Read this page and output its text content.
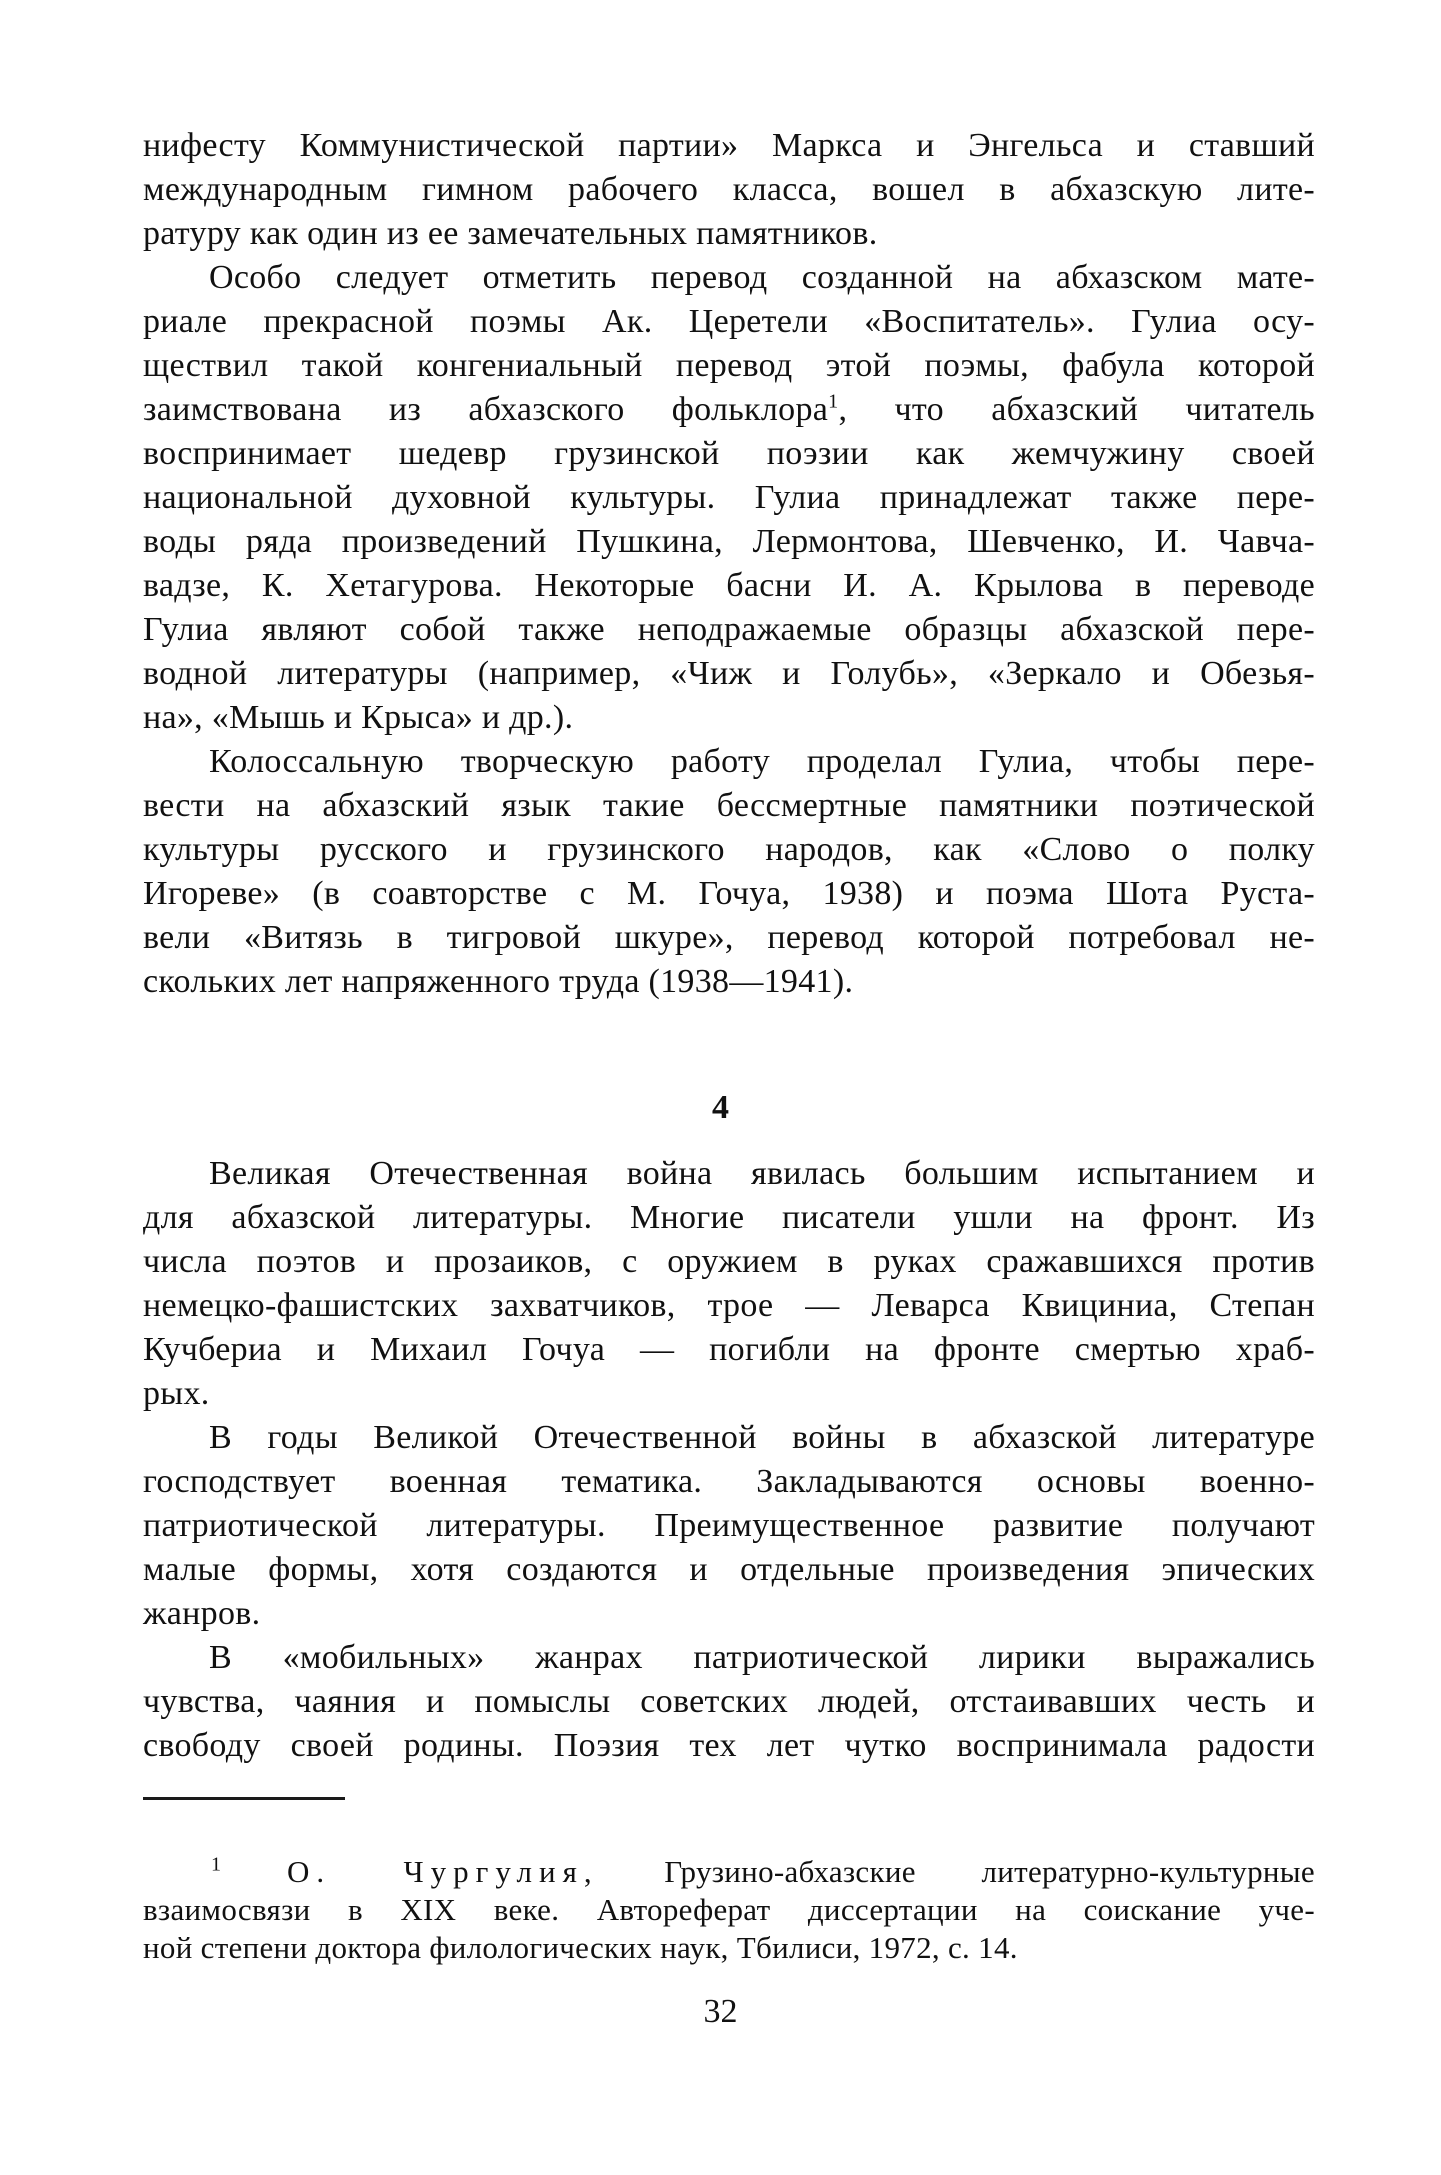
нифесту Коммунистической партии» Маркса и Энгельса и ставший
международным гимном рабочего класса, вошел в абхазскую лите-
ратуру как один из ее замечательных памятников.
Особо следует отметить перевод созданной на абхазском мате-
риале прекрасной поэмы Ак. Церетели «Воспитатель». Гулиа осу-
ществил такой конгениальный перевод этой поэмы, фабула которой
заимствована из абхазского фольклора$^1$, что абхазский читатель
воспринимает шедевр грузинской поэзии как жемчужину своей
национальной духовной культуры. Гулиа принадлежат также пере-
воды ряда произведений Пушкина, Лермонтова, Шевченко, И. Чавча-
вадзе, К. Хетагурова. Некоторые басни И. А. Крылова в переводе
Гулиа являют собой также неподражаемые образцы абхазской пере-
водной литературы (например, «Чиж и Голубь», «Зеркало и Обезья-
на», «Мышь и Крыса» и др.).
Колоссальную творческую работу проделал Гулиа, чтобы пере-
вести на абхазский язык такие бессмертные памятники поэтической
культуры русского и грузинского народов, как «Слово о полку
Игореве» (в соавторстве с М. Гочуа, 1938) и поэма Шота Руста-
вели «Витязь в тигровой шкуре», перевод которой потребовал не-
скольких лет напряженного труда (1938—1941).
4
Великая Отечественная война явилась большим испытанием и
для абхазской литературы. Многие писатели ушли на фронт. Из
числа поэтов и прозаиков, с оружием в руках сражавшихся против
немецко-фашистских захватчиков, трое — Леварса Квициниа, Степан
Кучбериа и Михаил Гочуа — погибли на фронте смертью храб-
рых.
В годы Великой Отечественной войны в абхазской литературе
господствует военная тематика. Закладываются основы военно-
патриотической литературы. Преимущественное развитие получают
малые формы, хотя создаются и отдельные произведения эпических
жанров.
В «мобильных» жанрах патриотической лирики выражались
чувства, чаяния и помыслы советских людей, отстаивавших честь и
свободу своей родины. Поэзия тех лет чутко воспринимала радости
$^1$ О. Чургулия, Грузино-абхазские литературно-культурные
взаимосвязи в XIX веке. Автореферат диссертации на соискание уче-
ной степени доктора филологических наук, Тбилиси, 1972, с. 14.
32
